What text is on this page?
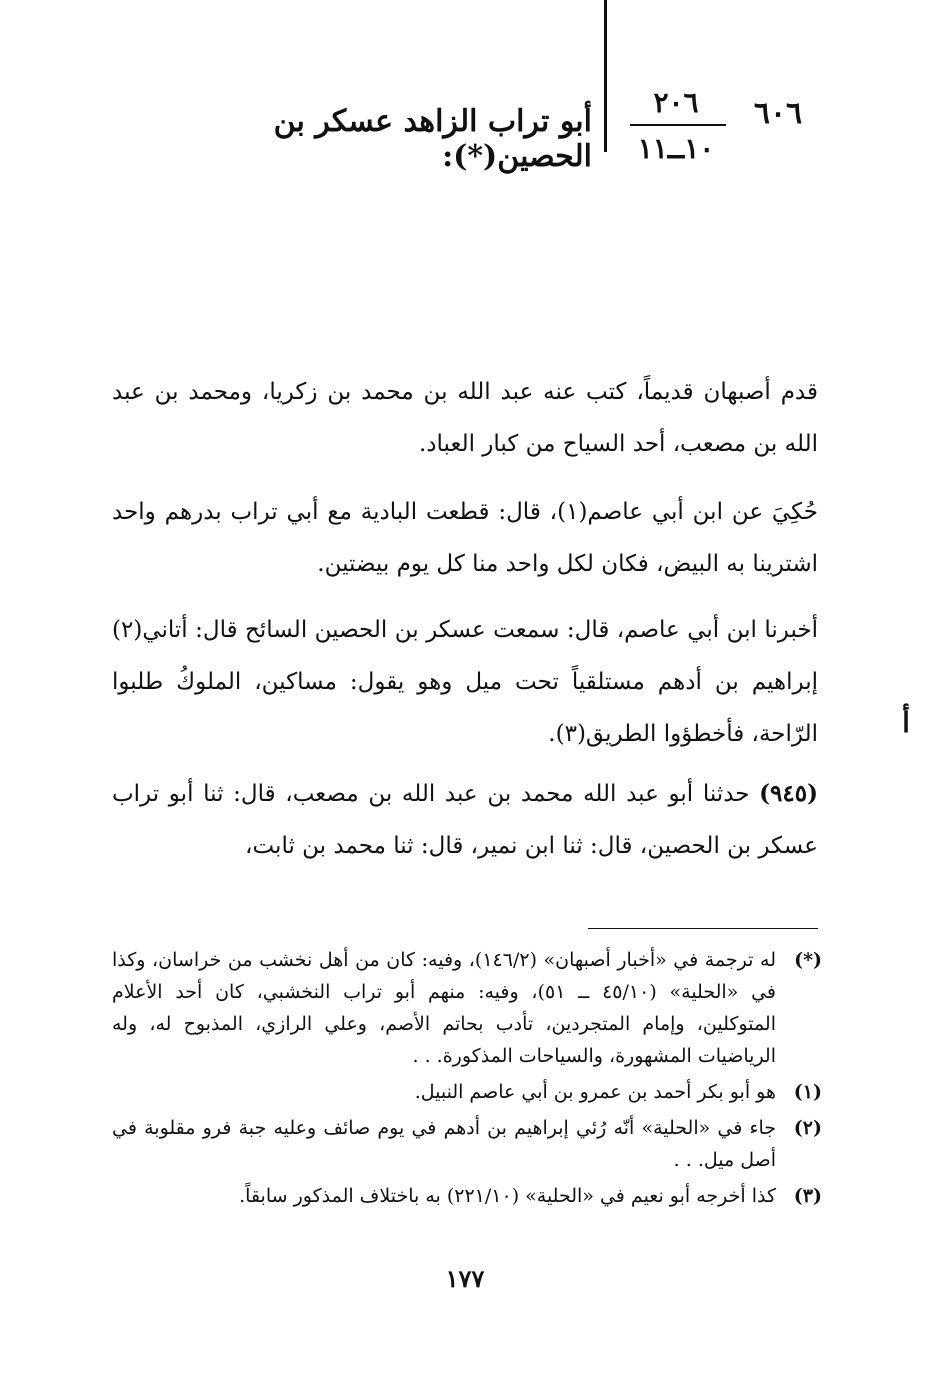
٦٠٦
٢٠٦
١٠ــ١١
أبو تراب الزاهد عسكر بن الحصين(*):

قدم أصبهان قديماً، كتب عنه عبد الله بن محمد بن زكريا، ومحمد بن عبد الله بن مصعب، أحد السياح من كبار العباد.

حُكِيَ عن ابن أبي عاصم(١)، قال: قطعت البادية مع أبي تراب بدرهم واحد اشترينا به البيض، فكان لكل واحد منا كل يوم بيضتين.

أخبرنا ابن أبي عاصم، قال: سمعت عسكر بن الحصين السائح قال: أتاني(٢) إبراهيم بن أدهم مستلقياً تحت ميل وهو يقول: مساكين، الملوكُ طلبوا الرّاحة، فأخطؤوا الطريق(٣).

(٩٤٥) حدثنا أبو عبد الله محمد بن عبد الله بن مصعب، قال: ثنا أبو تراب عسكر بن الحصين، قال: ثنا ابن نمير، قال: ثنا محمد بن ثابت،

أ
(*)
له ترجمة في «أخبار أصبهان» (١٤٦/٢)، وفيه: كان من أهل نخشب من خراسان، وكذا في «الحلية» (٤٥/١٠ ــ ٥١)، وفيه: منهم أبو تراب النخشبي، كان أحد الأعلام المتوكلين، وإمام المتجردين، تأدب بحاتم الأصم، وعلي الرازي، المذبوح له، وله الرياضيات المشهورة، والسياحات المذكورة. . .
(١)
هو أبو بكر أحمد بن عمرو بن أبي عاصم النبيل.
(٢)
جاء في «الحلية» أنّه رُئي إبراهيم بن أدهم في يوم صائف وعليه جبة فرو مقلوبة في أصل ميل. . .
(٣)
كذا أخرجه أبو نعيم في «الحلية» (٢٢١/١٠) به باختلاف المذكور سابقاً.
١٧٧
